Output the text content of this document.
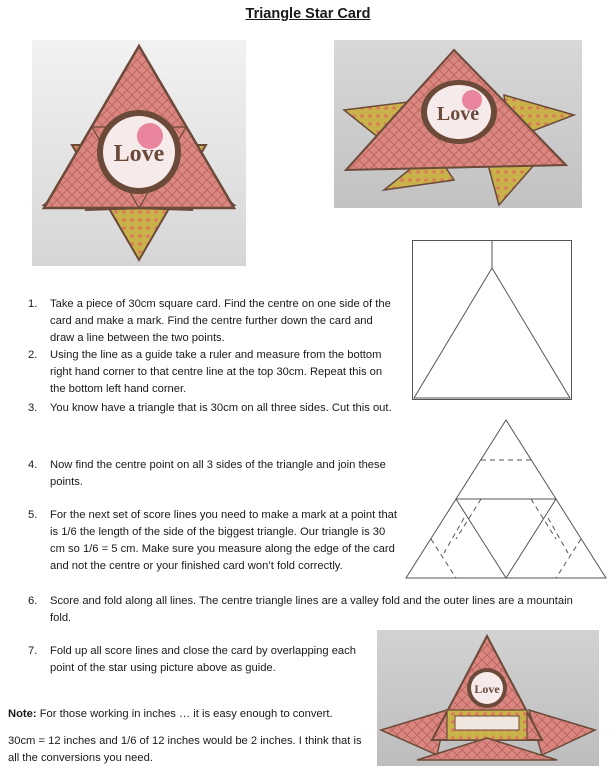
Triangle Star Card
Love
Love
Love
1.	Take a piece of 30cm square card. Find the centre on one side of the card and make a mark. Find the centre further down the card and draw a line between the two points.
2.	Using the line as a guide take a ruler and measure from the bottom right hand corner to that centre line at the top 30cm. Repeat this on the bottom left hand corner.
3.	You know have a triangle that is 30cm on all three sides. Cut this out.
4.	Now find the centre point on all 3 sides of the triangle and join these points.
5.	For the next set of score lines you need to make a mark at a point that is 1/6 the length of the side of the biggest triangle. Our triangle is 30 cm so 1/6 = 5 cm. Make sure you measure along the edge of the card and not the centre or your finished card won’t fold correctly.
6.	Score and fold along all lines. The centre triangle lines are a valley fold and the outer lines are a mountain fold.
7.	Fold up all score lines and close the card by overlapping each point of the star using picture above as guide.
Note: For those working in inches … it is easy enough to convert.
30cm = 12 inches and 1/6 of 12 inches would be 2 inches. I think that is all the conversions you need.
